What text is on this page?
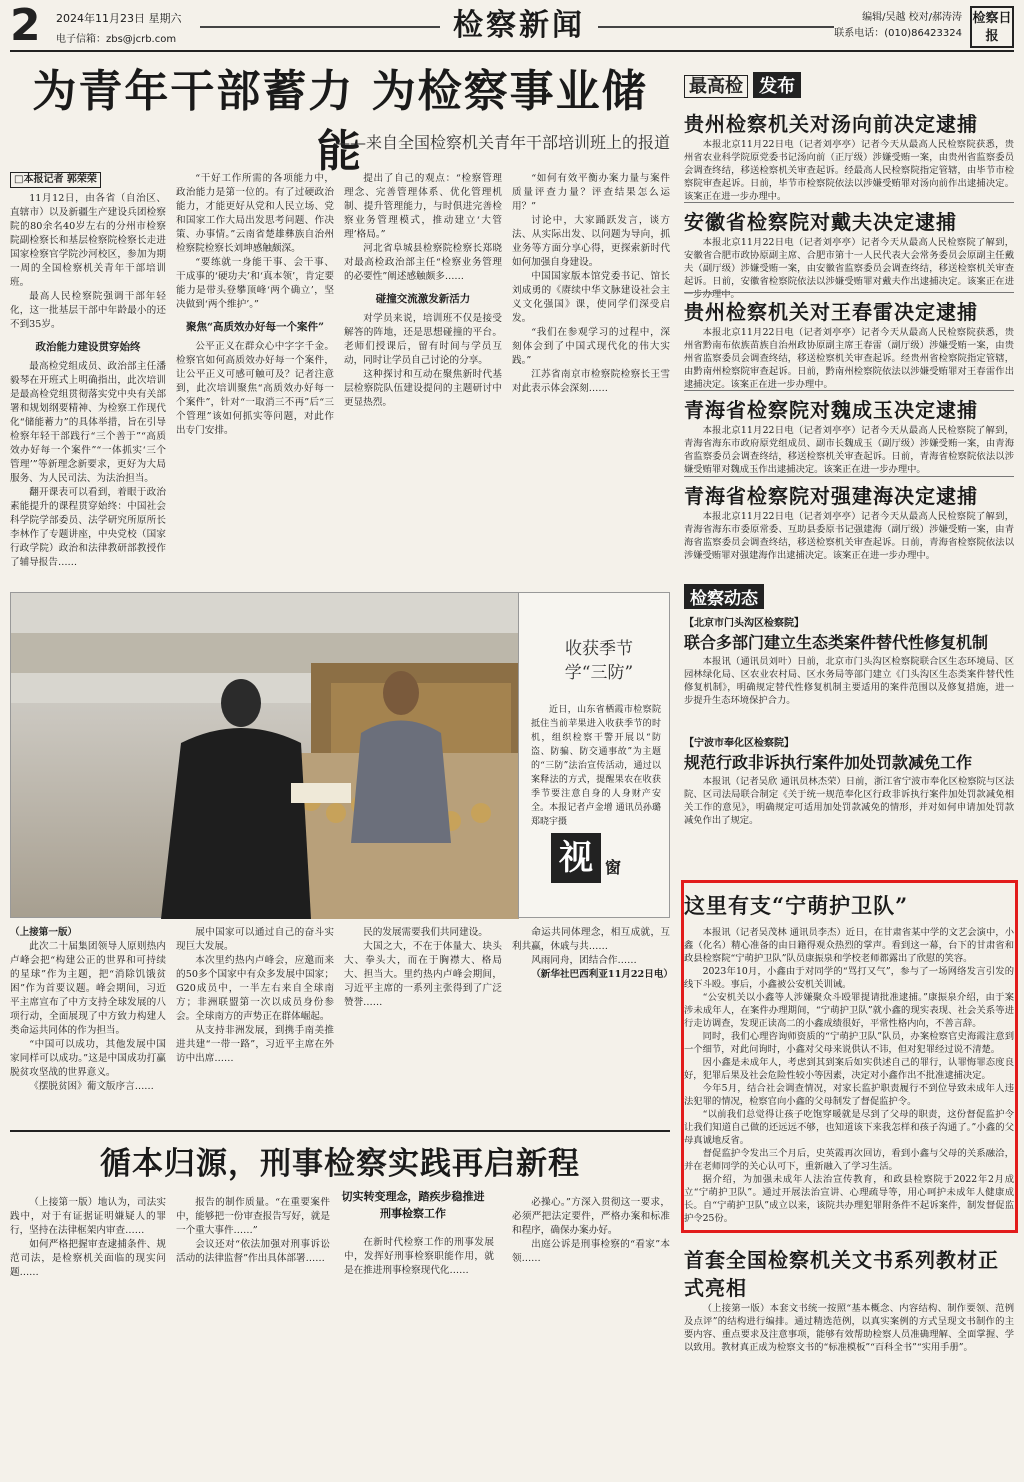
2 2024年11月23日 星期六
电子信箱：zbs@jcrb.com	检察新闻	编辑/吴越 校对/郝涛涛
联系电话：(010)86423324
检察日报
为青年干部蓄力 为检察事业储能
——来自全国检察机关青年干部培训班上的报道
□本报记者 郭荣荣

11月12日，由各省（自治区、直辖市）以及新疆生产建设兵团检察院的80余名40岁左右的分州市检察院副检察长和基层检察院检察长走进国家检察官学院沙河校区，参加为期一周的全国检察机关青年干部培训班。

最高人民检察院强调干部年轻化，这一批基层干部中年龄最小的还不到35岁。

政治能力建设贯穿始终

最高检党组成员、政治部主任潘毅琴在开班式上明确指出，此次培训是最高检党组贯彻落实党中央有关部署和规划纲要精神、为检察工作现代化“储能蓄力”的具体举措，旨在引导检察年轻干部践行“三个善于”“高质效办好每一个案件”“一体抓实‘三个管理’”等新理念新要求，更好为大局服务、为人民司法、为法治担当。

翻开课表可以看到，着眼于政治素能提升的课程贯穿始终：中国社会科学院学部委员、法学研究所原所长李林作了专题讲座，中央党校（国家行政学院）政治和法律教研部教授作了辅导报告……

“干好工作所需的各项能力中，政治能力是第一位的。有了过硬政治能力，才能更好从党和人民立场、党和国家工作大局出发思考问题、作决策、办事情。”云南省楚雄彝族自治州检察院检察长刘坤感触颇深。

“要练就一身能干事、会干事、干成事的‘硬功夫’和‘真本领’，肯定要能力是带头登攀顶峰‘两个确立’，坚决做到‘两个维护’。”

聚焦“高质效办好每一个案件”

公平正义在群众心中字字千金。检察官如何高质效办好每一个案件，让公平正义可感可触可及？记者注意到，此次培训聚焦“高质效办好每一个案件”，针对“一取消三不再”后“三个管理”该如何抓实等问题，对此作出专门安排。

提出了自己的观点：“检察管理理念、完善管理体系、优化管理机制、提升管理能力，与时俱进完善检察业务管理模式，推动建立‘大管理’格局。”

河北省阜城县检察院检察长郑晓对最高检政治部主任“检察业务管理的必要性”阐述感触颇多……

碰撞交流激发新活力

对学员来说，培训班不仅是接受解答的阵地，还是思想碰撞的平台。老师们授课后，留有时间与学员互动，同时让学员自己讨论的分享。

这种探讨和互动在聚焦新时代基层检察院队伍建设提问的主题研讨中更显热烈。

“如何有效平衡办案力量与案件质量评查力量？评查结果怎么运用？”

讨论中，大家踊跃发言，谈方法、从实际出发、以问题为导向，抓业务等方面分享心得，更探索新时代如何加强自身建设。

中国国家版本馆党委书记、馆长刘成勇的《赓续中华文脉建设社会主义文化强国》课，使同学们深受启发。

“我们在参观学习的过程中，深刻体会到了中国式现代化的伟大实践。”

江苏省南京市检察院检察长王雪对此表示体会深刻……

收获季节
学“三防”
近日，山东省栖霞市检察院抵住当前苹果进入收获季节的时机，组织检察干警开展以“防盗、防骗、防交通事故”为主题的“三防”法治宣传活动，通过以案释法的方式，提醒果农在收获季节要注意自身的人身财产安全。本报记者卢金增 通讯员孙璐 郑晓宇摄
视 窗
（上接第一版）

此次二十届集团领导人原则热内卢峰会把“构建公正的世界和可持续的星球”作为主题，把“消除饥饿贫困”作为首要议题。峰会期间，习近平主席宣布了中方支持全球发展的八项行动，全面展现了中方致力构建人类命运共同体的作为担当。

“中国可以成功，其他发展中国家同样可以成功。”这是中国成功打赢脱贫攻坚战的世界意义。

《摆脱贫困》葡文版序言……

展中国家可以通过自己的奋斗实现巨大发展。

本次里约热内卢峰会，应邀而来的50多个国家中有众多发展中国家；G20成员中，一半左右来自全球南方；非洲联盟第一次以成员身份参会。全球南方的声势正在群体崛起。

从支持非洲发展，到携手南美推进共建“一带一路”，习近平主席在外访中出席……

民的发展需要我们共同建设。

大国之大，不在于体量大、块头大、拳头大，而在于胸襟大、格局大、担当大。里约热内卢峰会期间，习近平主席的一系列主张得到了广泛赞誉……

命运共同体理念，相互成就，互利共赢，休戚与共……

风雨同舟，团结合作……

（新华社巴西利亚11月22日电）

循本归源，刑事检察实践再启新程

（上接第一版）地认为，司法实践中，对于有证据证明嫌疑人的罪行，坚持在法律框架内审查……

如何严格把握审查逮捕条件、规范司法，是检察机关面临的现实问题……

报告的制作质量。“在重要案件中，能够把一份审查报告写好，就是一个重大事件……”

会议还对“依法加强对刑事诉讼活动的法律监督”作出具体部署……

切实转变理念，踏疾步稳推进刑事检察工作

在新时代检察工作的刑事发展中，发挥好刑事检察职能作用，就是在推进刑事检察现代化……

必操心。”方深入贯彻这一要求，必须严把法定要件，严格办案和标准和程序，确保办案办好。

出庭公诉是刑事检察的“看家”本领……

最高检 发布
贵州检察机关对汤向前决定逮捕

本报北京11月22日电（记者刘亭亭）记者今天从最高人民检察院获悉，贵州省农业科学院原党委书记汤向前（正厅级）涉嫌受贿一案，由贵州省监察委员会调查终结，移送检察机关审查起诉。经最高人民检察院指定管辖，由毕节市检察院审查起诉。日前，毕节市检察院依法以涉嫌受贿罪对汤向前作出逮捕决定。该案正在进一步办理中。

安徽省检察院对戴夫决定逮捕

本报北京11月22日电（记者刘亭亭）记者今天从最高人民检察院了解到，安徽省合肥市政协原副主席、合肥市第十一人民代表大会常务委员会原副主任戴夫（副厅级）涉嫌受贿一案，由安徽省监察委员会调查终结，移送检察机关审查起诉。日前，安徽省检察院依法以涉嫌受贿罪对戴夫作出逮捕决定。该案正在进一步办理中。

贵州检察机关对王春雷决定逮捕

本报北京11月22日电（记者刘亭亭）记者今天从最高人民检察院获悉，贵州省黔南布依族苗族自治州政协原副主席王春雷（副厅级）涉嫌受贿一案，由贵州省监察委员会调查终结，移送检察机关审查起诉。经贵州省检察院指定管辖，由黔南州检察院审查起诉。日前，黔南州检察院依法以涉嫌受贿罪对王春雷作出逮捕决定。该案正在进一步办理中。

青海省检察院对魏成玉决定逮捕

本报北京11月22日电（记者刘亭亭）记者今天从最高人民检察院了解到，青海省海东市政府原党组成员、副市长魏成玉（副厅级）涉嫌受贿一案，由青海省监察委员会调查终结，移送检察机关审查起诉。日前，青海省检察院依法以涉嫌受贿罪对魏成玉作出逮捕决定。该案正在进一步办理中。

青海省检察院对强建海决定逮捕

本报北京11月22日电（记者刘亭亭）记者今天从最高人民检察院了解到，青海省海东市委原常委、互助县委原书记强建海（副厅级）涉嫌受贿一案，由青海省监察委员会调查终结，移送检察机关审查起诉。日前，青海省检察院依法以涉嫌受贿罪对强建海作出逮捕决定。该案正在进一步办理中。

检察动态
【北京市门头沟区检察院】
联合多部门建立生态类案件替代性修复机制

本报讯（通讯员刘叶）日前，北京市门头沟区检察院联合区生态环境局、区园林绿化局、区农业农村局、区水务局等部门建立《门头沟区生态类案件替代性修复机制》，明确规定替代性修复机制主要适用的案件范围以及修复措施，进一步提升生态环境保护合力。

【宁波市奉化区检察院】
规范行政非诉执行案件加处罚款减免工作

本报讯（记者吴欣 通讯员林杰荣）日前，浙江省宁波市奉化区检察院与区法院、区司法局联合制定《关于统一规范奉化区行政非诉执行案件加处罚款减免相关工作的意见》，明确规定可适用加处罚款减免的情形，并对如何申请加处罚款减免作出了规定。

这里有支“宁萌护卫队”

本报讯（记者吴茂林 通讯员李杰）近日，在甘肃省某中学的文艺会演中，小鑫（化名）精心准备的由日籍得观众热烈的掌声。看到这一幕，台下的甘肃省和政县检察院“宁萌护卫队”队员康振泉和学校老师都露出了欣慰的笑容。

2023年10月，小鑫由于对同学的“骂打又气”，参与了一场网络发言引发的线下斗殴。事后，小鑫被公安机关训诫。

“公安机关以小鑫等人涉嫌聚众斗殴罪提请批准逮捕。”康振泉介绍，由于案涉未成年人，在案件办理期间，“宁萌护卫队”就小鑫的现实表现、社会关系等进行走访调查，发现正读高二的小鑫成绩很好，平常性格内向，不善言辞。

同时，我们心理咨询师资质的“宁萌护卫队”队员，办案检察官史海霞注意到一个细节，对此问询时，小鑫对父母来说供认不讳，但对犯罪经过说不清楚。

因小鑫是未成年人，考虑到其到案后如实供述自己的罪行，认罪悔罪态度良好，犯罪后果及社会危险性较小等因素，决定对小鑫作出不批准逮捕决定。

今年5月，结合社会调查情况，对家长监护职责履行不到位导致未成年人违法犯罪的情况，检察官向小鑫的父母制发了督促监护令。

“以前我们总觉得让孩子吃饱穿暖就是尽到了父母的职责，这份督促监护令让我们知道自己做的还远远不够，也知道该下来我怎样和孩子沟通了。”小鑫的父母真诚地反省。

督促监护令发出三个月后，史英霞再次回访，看到小鑫与父母的关系融洽，并在老师同学的关心认可下，重新融入了学习生活。

据介绍，为加强未成年人法治宣传教育，和政县检察院于2022年2月成立“宁萌护卫队”。通过开展法治宣讲、心理疏导等，用心呵护未成年人健康成长。自“宁萌护卫队”成立以来，该院共办理犯罪附条件不起诉案件，制发督促监护令25份。

首套全国检察机关文书系列教材正式亮相

（上接第一版）本套文书统一按照“基本概念、内容结构、制作要领、范例及点评”的结构进行编排。通过精选范例，以真实案例的方式呈现文书制作的主要内容、重点要求及注意事项，能够有效帮助检察人员准确理解、全面掌握、学以致用。教材真正成为检察文书的“标准模板”“百科全书”“实用手册”。
